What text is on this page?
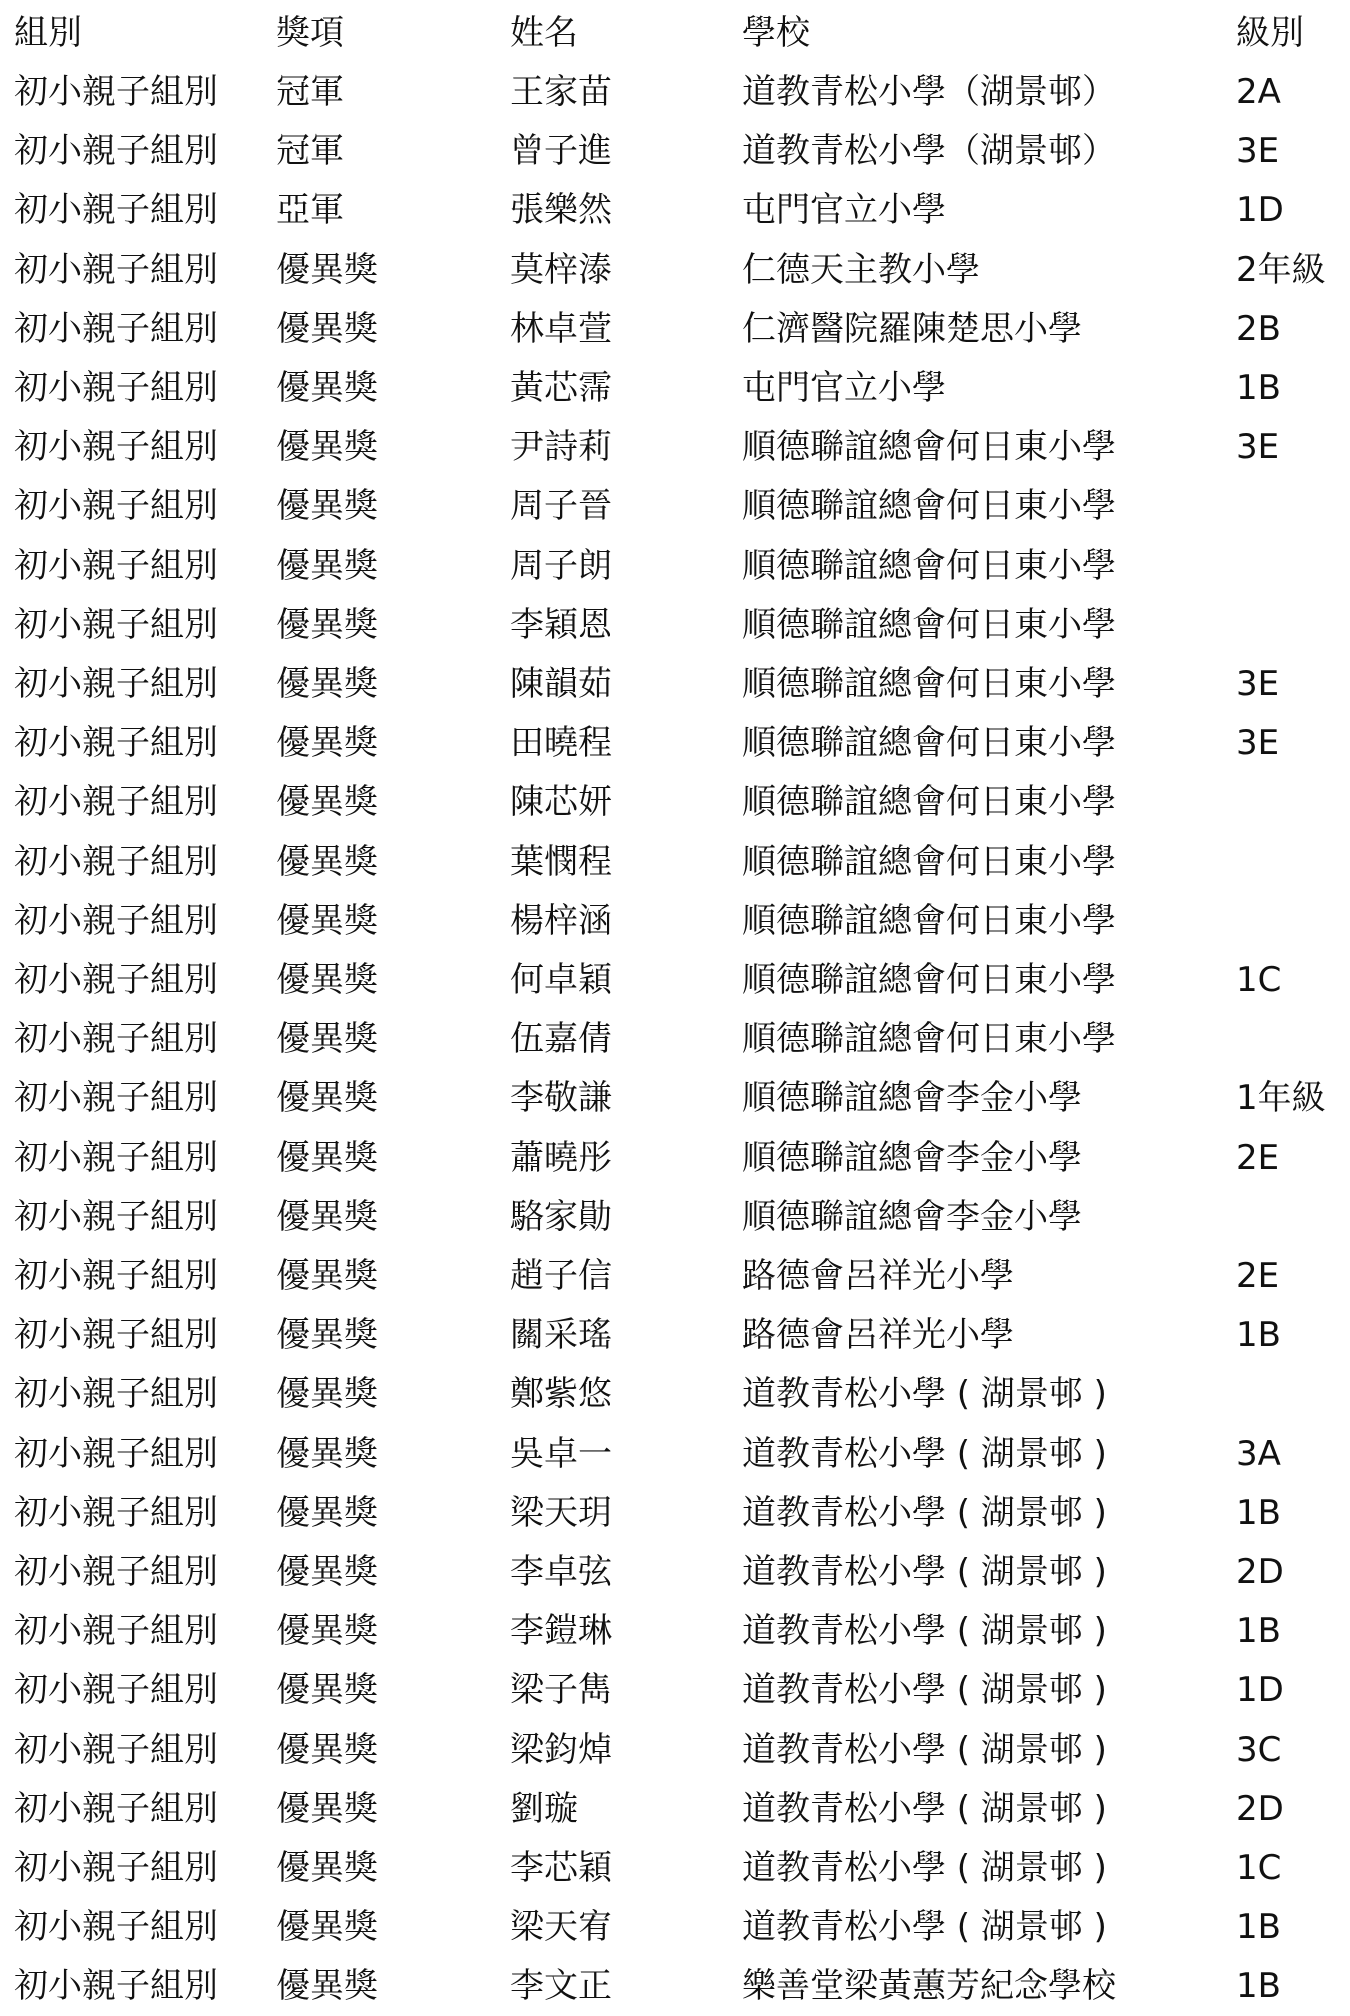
組別	獎項	姓名	學校	級別
初小親子組別 冠軍	王家苗	道教青松小學（湖景邨）	2A
初小親子組別 冠軍	曾子進	道教青松小學（湖景邨）	3E
初小親子組別 亞軍	張樂然	屯門官立小學	1D
初小親子組別 優異獎	莫梓溙	仁德天主教小學	2年級
初小親子組別 優異獎	林卓萱	仁濟醫院羅陳楚思小學	2B
初小親子組別 優異獎	黃芯霈	屯門官立小學	1B
初小親子組別 優異獎	尹詩莉	順德聯誼總會何日東小學	3E
初小親子組別 優異獎	周子晉	順德聯誼總會何日東小學
初小親子組別 優異獎	周子朗	順德聯誼總會何日東小學
初小親子組別 優異獎	李穎恩	順德聯誼總會何日東小學
初小親子組別 優異獎	陳韻茹	順德聯誼總會何日東小學	3E
初小親子組別 優異獎	田曉程	順德聯誼總會何日東小學	3E
初小親子組別 優異獎	陳芯妍	順德聯誼總會何日東小學
初小親子組別 優異獎	葉憫程	順德聯誼總會何日東小學
初小親子組別 優異獎	楊梓涵	順德聯誼總會何日東小學
初小親子組別 優異獎	何卓穎	順德聯誼總會何日東小學	1C
初小親子組別 優異獎	伍嘉倩	順德聯誼總會何日東小學
初小親子組別 優異獎	李敬謙	順德聯誼總會李金小學	1年級
初小親子組別 優異獎	蕭曉彤	順德聯誼總會李金小學	2E
初小親子組別 優異獎	駱家勛	順德聯誼總會李金小學
初小親子組別 優異獎	趙子信	路德會呂祥光小學	2E
初小親子組別 優異獎	關采瑤	路德會呂祥光小學	1B
初小親子組別 優異獎	鄭紫悠	道教青松小學 ( 湖景邨 )
初小親子組別 優異獎	吳卓一	道教青松小學 ( 湖景邨 )	3A
初小親子組別 優異獎	梁天玥	道教青松小學 ( 湖景邨 )	1B
初小親子組別 優異獎	李卓弦	道教青松小學 ( 湖景邨 )	2D
初小親子組別 優異獎	李鎧琳	道教青松小學 ( 湖景邨 )	1B
初小親子組別 優異獎	梁子雋	道教青松小學 ( 湖景邨 )	1D
初小親子組別 優異獎	梁鈞焯	道教青松小學 ( 湖景邨 )	3C
初小親子組別 優異獎	劉璇	道教青松小學 ( 湖景邨 )	2D
初小親子組別 優異獎	李芯穎	道教青松小學 ( 湖景邨 )	1C
初小親子組別 優異獎	梁天宥	道教青松小學 ( 湖景邨 )	1B
初小親子組別 優異獎	李文正	樂善堂梁黃蕙芳紀念學校	1B
